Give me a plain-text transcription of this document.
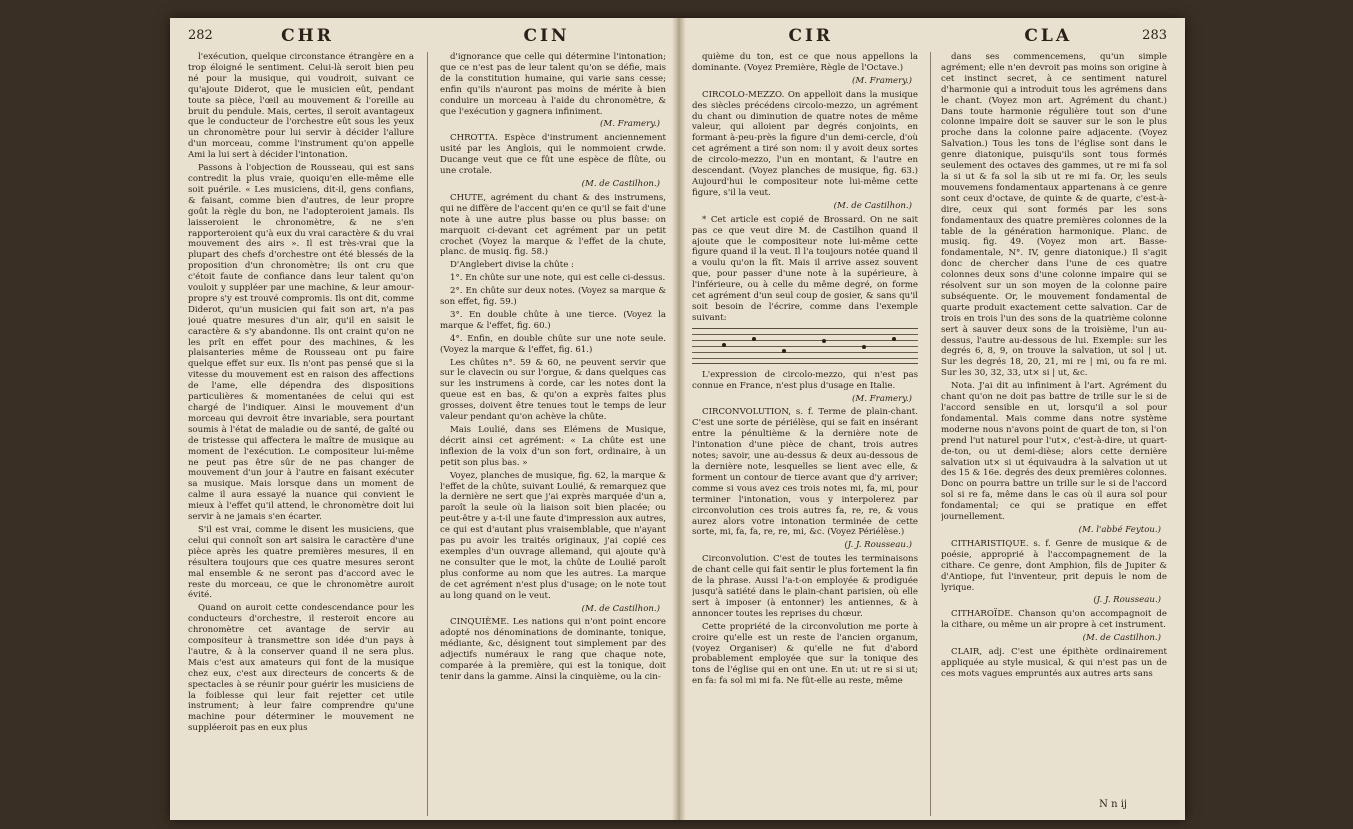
282	CHR	CIN

l'exécution, quelque circonstance étrangère en a trop éloigné le sentiment. Celui-là seroit bien peu né pour la musique, qui voudroit, suivant ce qu'ajoute Diderot, que le musicien eût, pendant toute sa pièce, l'œil au mouvement & l'oreille au bruit du pendule. Mais, certes, il seroit avantageux que le conducteur de l'orchestre eût sous les yeux un chronomètre pour lui servir à décider l'allure d'un morceau, comme l'instrument qu'on appelle Ami la lui sert à décider l'intonation.

Passons à l'objection de Rousseau, qui est sans contredit la plus vraie, quoiqu'en elle-même elle soit puérile. « Les musiciens, dit-il, gens confians, & faisant, comme bien d'autres, de leur propre goût la règle du bon, ne l'adopteroient jamais. Ils laisseroient le chronomètre, & ne s'en rapporteroient qu'à eux du vrai caractère & du vrai mouvement des airs ». Il est très-vrai que la plupart des chefs d'orchestre ont été blessés de la proposition d'un chronomètre; ils ont cru que c'étoit faute de confiance dans leur talent qu'on vouloit y suppléer par une machine, & leur amour-propre s'y est trouvé compromis. Ils ont dit, comme Diderot, qu'un musicien qui fait son art, n'a pas joué quatre mesures d'un air, qu'il en saisit le caractère & s'y abandonne. Ils ont craint qu'on ne les prît en effet pour des machines, & les plaisanteries même de Rousseau ont pu faire quelque effet sur eux. Ils n'ont pas pensé que si la vitesse du mouvement est en raison des affections de l'ame, elle dépendra des dispositions particulières & momentanées de celui qui est chargé de l'indiquer. Ainsi le mouvement d'un morceau qui devroit être invariable, sera pourtant soumis à l'état de maladie ou de santé, de gaîté ou de tristesse qui affectera le maître de musique au moment de l'exécution. Le compositeur lui-même ne peut pas être sûr de ne pas changer de mouvement d'un jour à l'autre en faisant exécuter sa musique. Mais lorsque dans un moment de calme il aura essayé la nuance qui convient le mieux à l'effet qu'il attend, le chronomètre doit lui servir à ne jamais s'en écarter.

S'il est vrai, comme le disent les musiciens, que celui qui connoît son art saisira le caractère d'une pièce après les quatre premières mesures, il en résultera toujours que ces quatre mesures seront mal ensemble & ne seront pas d'accord avec le reste du morceau, ce que le chronomètre auroit évité.

Quand on auroit cette condescendance pour les conducteurs d'orchestre, il resteroit encore au chronomètre cet avantage de servir au compositeur à transmettre son idée d'un pays à l'autre, & à la conserver quand il ne sera plus. Mais c'est aux amateurs qui font de la musique chez eux, c'est aux directeurs de concerts & de spectacles à se réunir pour guérir les musiciens de la foiblesse qui leur fait rejetter cet utile instrument; à leur faire comprendre qu'une machine pour déterminer le mouvement ne suppléeroit pas en eux plus

d'ignorance que celle qui détermine l'intonation; que ce n'est pas de leur talent qu'on se défie, mais de la constitution humaine, qui varie sans cesse; enfin qu'ils n'auront pas moins de mérite à bien conduire un morceau à l'aide du chronomètre, & que l'exécution y gagnera infiniment.

(M. Framery.)

CHROTTA. Espèce d'instrument anciennement usité par les Anglois, qui le nommoient crwde. Ducange veut que ce fût une espèce de flûte, ou une crotale.

(M. de Castilhon.)

CHUTE, agrément du chant & des instrumens, qui ne diffère de l'accent qu'en ce qu'il se fait d'une note à une autre plus basse ou plus basse: on marquoit ci-devant cet agrément par un petit crochet (Voyez la marque & l'effet de la chute, planc. de musiq. fig. 58.)

D'Anglebert divise la chûte :

1°. En chûte sur une note, qui est celle ci-dessus.

2°. En chûte sur deux notes. (Voyez sa marque & son effet, fig. 59.)

3°. En double chûte à une tierce. (Voyez la marque & l'effet, fig. 60.)

4°. Enfin, en double chûte sur une note seule. (Voyez la marque & l'effet, fig. 61.)

Les chûtes n°. 59 & 60, ne peuvent servir que sur le clavecin ou sur l'orgue, & dans quelques cas sur les instrumens à corde, car les notes dont la queue est en bas, & qu'on a exprès faites plus grosses, doivent être tenues tout le temps de leur valeur pendant qu'on achève la chûte.

Mais Loulié, dans ses Elémens de Musique, décrit ainsi cet agrément: « La chûte est une inflexion de la voix d'un son fort, ordinaire, à un petit son plus bas. »

Voyez, planches de musique, fig. 62, la marque & l'effet de la chûte, suivant Loulié, & remarquez que la dernière ne sert que j'ai exprès marquée d'un a, paroît la seule où la liaison soit bien placée; ou peut-être y a-t-il une faute d'impression aux autres, ce qui est d'autant plus vraisemblable, que n'ayant pas pu avoir les traités originaux, j'ai copié ces exemples d'un ouvrage allemand, qui ajoute qu'à ne consulter que le mot, la chûte de Loulié paroît plus conforme au nom que les autres. La marque de cet agrément n'est plus d'usage; on le note tout au long quand on le veut.

(M. de Castilhon.)

CINQUIÈME. Les nations qui n'ont point encore adopté nos dénominations de dominante, tonique, médiante, &c, désignent tout simplement par des adjectifs numéraux le rang que chaque note, comparée à la première, qui est la tonique, doit tenir dans la gamme. Ainsi la cinquième, ou la cin-

CIR	CLA	283

quième du ton, est ce que nous appellons la dominante. (Voyez Première, Règle de l'Octave.)

(M. Framery.)

CIRCOLO-MEZZO. On appelloit dans la musique des siècles précédens circolo-mezzo, un agrément du chant ou diminution de quatre notes de même valeur, qui alloient par degrés conjoints, en formant à-peu-près la figure d'un demi-cercle, d'où cet agrément a tiré son nom: il y avoit deux sortes de circolo-mezzo, l'un en montant, & l'autre en descendant. (Voyez planches de musique, fig. 63.) Aujourd'hui le compositeur note lui-même cette figure, s'il la veut.

(M. de Castilhon.)

* Cet article est copié de Brossard. On ne sait pas ce que veut dire M. de Castilhon quand il ajoute que le compositeur note lui-même cette figure quand il la veut. Il l'a toujours notée quand il a voulu qu'on la fît. Mais il arrive assez souvent que, pour passer d'une note à la supérieure, à l'inférieure, ou à celle du même degré, on forme cet agrément d'un seul coup de gosier, & sans qu'il soit besoin de l'écrire, comme dans l'exemple suivant:

L'expression de circolo-mezzo, qui n'est pas connue en France, n'est plus d'usage en Italie.

(M. Framery.)

CIRCONVOLUTION, s. f. Terme de plain-chant. C'est une sorte de périélèse, qui se fait en insérant entre la pénultième & la dernière note de l'intonation d'une pièce de chant, trois autres notes; savoir, une au-dessus & deux au-dessous de la dernière note, lesquelles se lient avec elle, & forment un contour de tierce avant que d'y arriver; comme si vous avez ces trois notes mi, fa, mi, pour terminer l'intonation, vous y interpolerez par circonvolution ces trois autres fa, re, re, & vous aurez alors votre intonation terminée de cette sorte, mi, fa, fa, re, re, mi, &c. (Voyez Périélèse.)

(J. J. Rousseau.)

Circonvolution. C'est de toutes les terminaisons de chant celle qui fait sentir le plus fortement la fin de la phrase. Aussi l'a-t-on employée & prodiguée jusqu'à satiété dans le plain-chant parisien, où elle sert à imposer (à entonner) les antiennes, & à annoncer toutes les reprises du chœur.

Cette propriété de la circonvolution me porte à croire qu'elle est un reste de l'ancien organum, (voyez Organiser) & qu'elle ne fut d'abord probablement employée que sur la tonique des tons de l'église qui en ont une. En ut: ut re si si ut; en fa: fa sol mi mi fa. Ne fût-elle au reste, même

dans ses commencemens, qu'un simple agrément; elle n'en devroit pas moins son origine à cet instinct secret, à ce sentiment naturel d'harmonie qui a introduit tous les agrémens dans le chant. (Voyez mon art. Agrément du chant.) Dans toute harmonie régulière tout son d'une colonne impaire doit se sauver sur le son le plus proche dans la colonne paire adjacente. (Voyez Salvation.) Tous les tons de l'église sont dans le genre diatonique, puisqu'ils sont tous formés seulement des octaves des gammes, ut re mi fa sol la si ut & fa sol la sib ut re mi fa. Or, les seuls mouvemens fondamentaux appartenans à ce genre sont ceux d'octave, de quinte & de quarte, c'est-à-dire, ceux qui sont formés par les sons fondamentaux des quatre premières colonnes de la table de la génération harmonique. Planc. de musiq. fig. 49. (Voyez mon art. Basse-fondamentale, N°. IV, genre diatonique.) Il s'agit donc de chercher dans l'une de ces quatre colonnes deux sons d'une colonne impaire qui se résolvent sur un son moyen de la colonne paire subséquente. Or, le mouvement fondamental de quarte produit exactement cette salvation. Car de trois en trois l'un des sons de la quatrième colonne sert à sauver deux sons de la troisième, l'un au-dessus, l'autre au-dessous de lui. Exemple: sur les degrés 6, 8, 9, on trouve la salvation, ut sol | ut. Sur les degrés 18, 20, 21, mi re | mi, ou fa re mi. Sur les 30, 32, 33, ut× si | ut, &c.

Nota. J'ai dit au infiniment à l'art. Agrément du chant qu'on ne doit pas battre de trille sur le si de l'accord sensible en ut, lorsqu'il a sol pour fondamental. Mais comme dans notre système moderne nous n'avons point de quart de ton, si l'on prend l'ut naturel pour l'ut×, c'est-à-dire, ut quart-de-ton, ou ut demi-dièse; alors cette dernière salvation ut× si ut équivaudra à la salvation ut ut des 15 & 16e. degrés des deux premières colonnes. Donc on pourra battre un trille sur le si de l'accord sol si re fa, même dans le cas où il aura sol pour fondamental; ce qui se pratique en effet journellement.

(M. l'abbé Feytou.)

CITHARISTIQUE. s. f. Genre de musique & de poésie, approprié à l'accompagnement de la cithare. Ce genre, dont Amphion, fils de Jupiter & d'Antiope, fut l'inventeur, prit depuis le nom de lyrique.

(J. J. Rousseau.)

CITHAROÏDE. Chanson qu'on accompagnoit de la cithare, ou même un air propre à cet instrument.

(M. de Castilhon.)

CLAIR, adj. C'est une épithète ordinairement appliquée au style musical, & qui n'est pas un de ces mots vagues empruntés aux autres arts sans

N n ij
